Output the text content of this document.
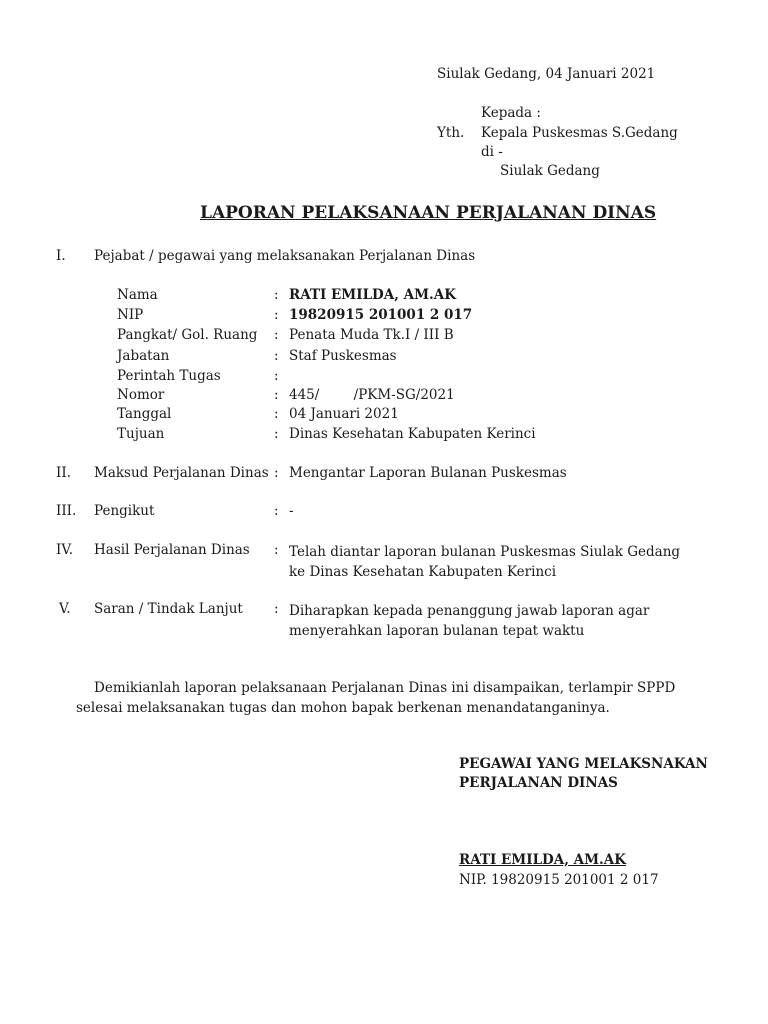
Siulak Gedang, 04 Januari 2021
Kepada :
Yth. Kepala Puskesmas S.Gedang
di -
Siulak Gedang
LAPORAN PELAKSANAAN PERJALANAN DINAS
I. Pejabat / pegawai yang melaksanakan Perjalanan Dinas
Nama	: RATI EMILDA, AM.AK
NIP	: 19820915 201001 2 017
Pangkat/ Gol. Ruang : Penata Muda Tk.I / III B
Jabatan	: Staf Puskesmas
Perintah Tugas	:
Nomor	: 445/        /PKM-SG/2021
Tanggal	: 04 Januari 2021
Tujuan	: Dinas Kesehatan Kabupaten Kerinci
II. Maksud Perjalanan Dinas : Mengantar Laporan Bulanan Puskesmas
III. Pengikut	: -
IV. Hasil Perjalanan Dinas : Telah diantar laporan bulanan Puskesmas Siulak Gedang ke Dinas Kesehatan Kabupaten Kerinci
V. Saran / Tindak Lanjut : Diharapkan kepada penanggung jawab laporan agar menyerahkan laporan bulanan tepat waktu
Demikianlah laporan pelaksanaan Perjalanan Dinas ini disampaikan, terlampir SPPD selesai melaksanakan tugas dan mohon bapak berkenan menandatanganinya.
PEGAWAI YANG MELAKSNAKAN
PERJALANAN DINAS
RATI EMILDA, AM.AK
NIP. 19820915 201001 2 017
